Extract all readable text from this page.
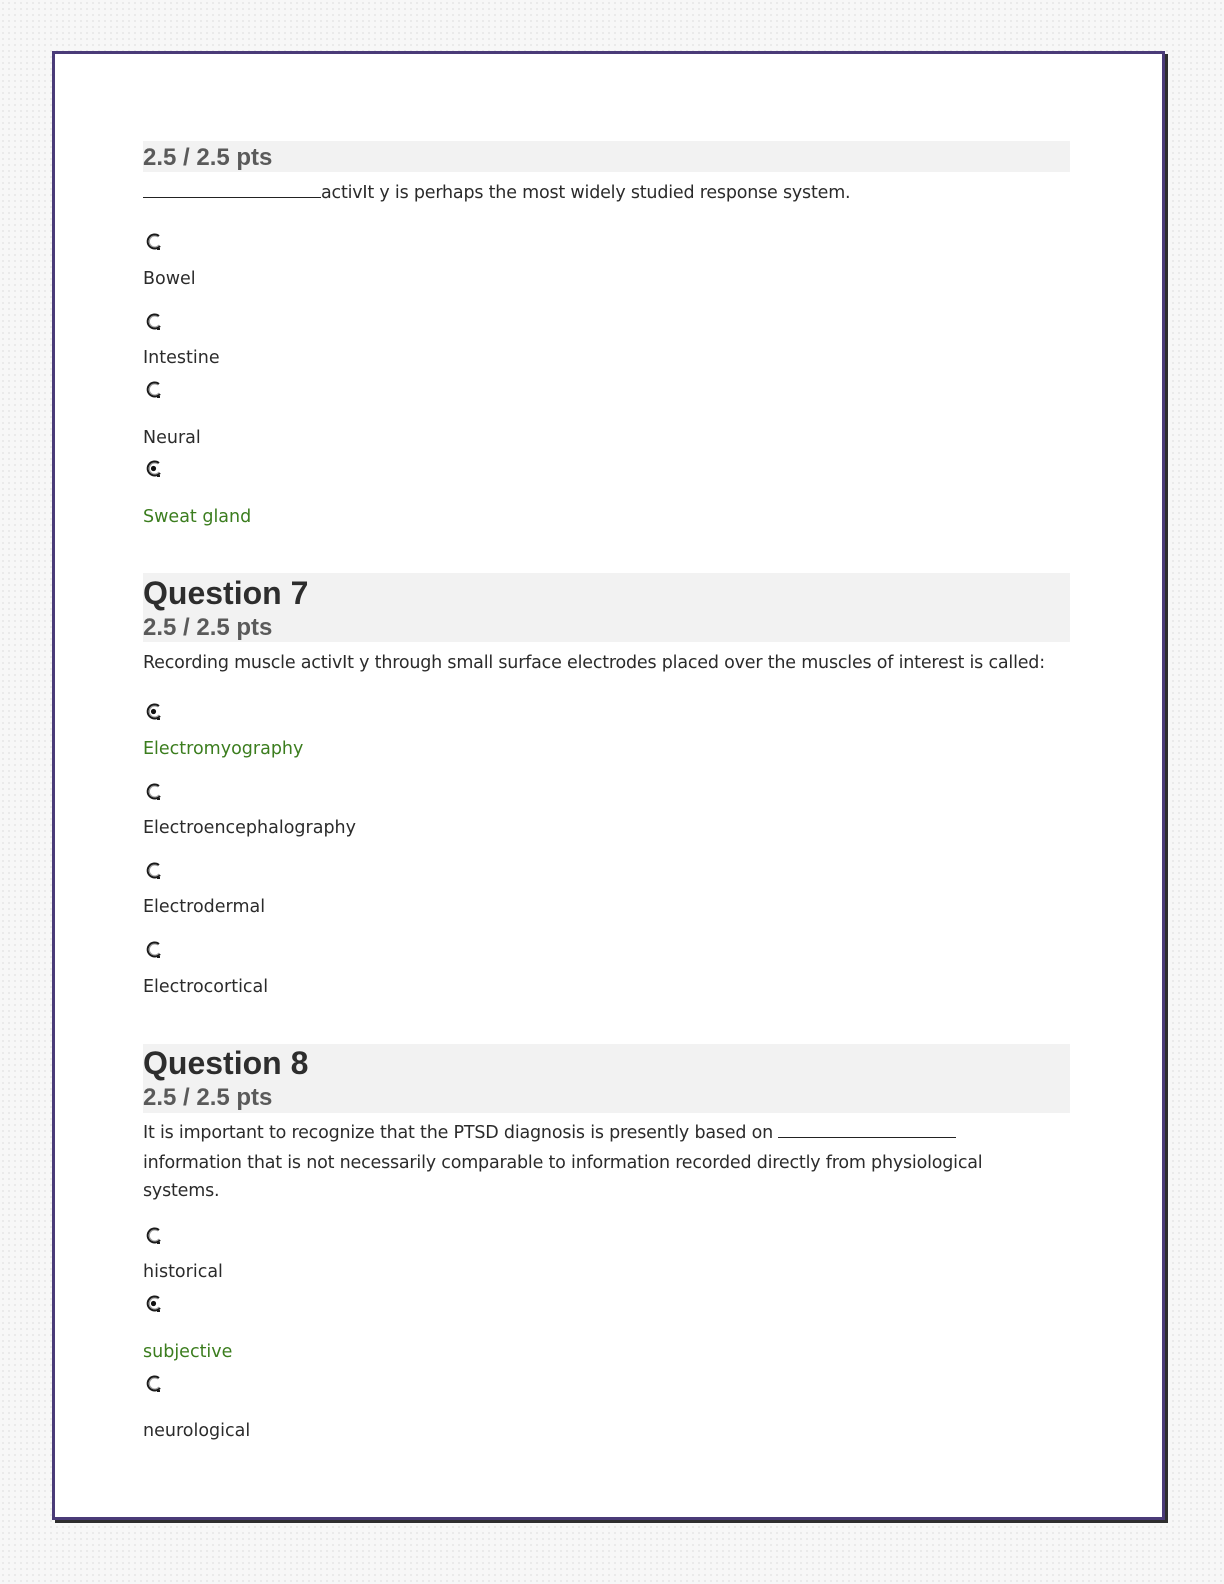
2.5 / 2.5 pts
activIt y is perhaps the most widely studied response system.
Bowel
Intestine
Neural
Sweat gland
Question 7
2.5 / 2.5 pts
Recording muscle activIt y through small surface electrodes placed over the muscles of interest is called:
Electromyography
Electroencephalography
Electrodermal
Electrocortical
Question 8
2.5 / 2.5 pts
It is important to recognize that the PTSD diagnosis is presently based on
information that is not necessarily comparable to information recorded directly from physiological
systems.
historical
subjective
neurological
